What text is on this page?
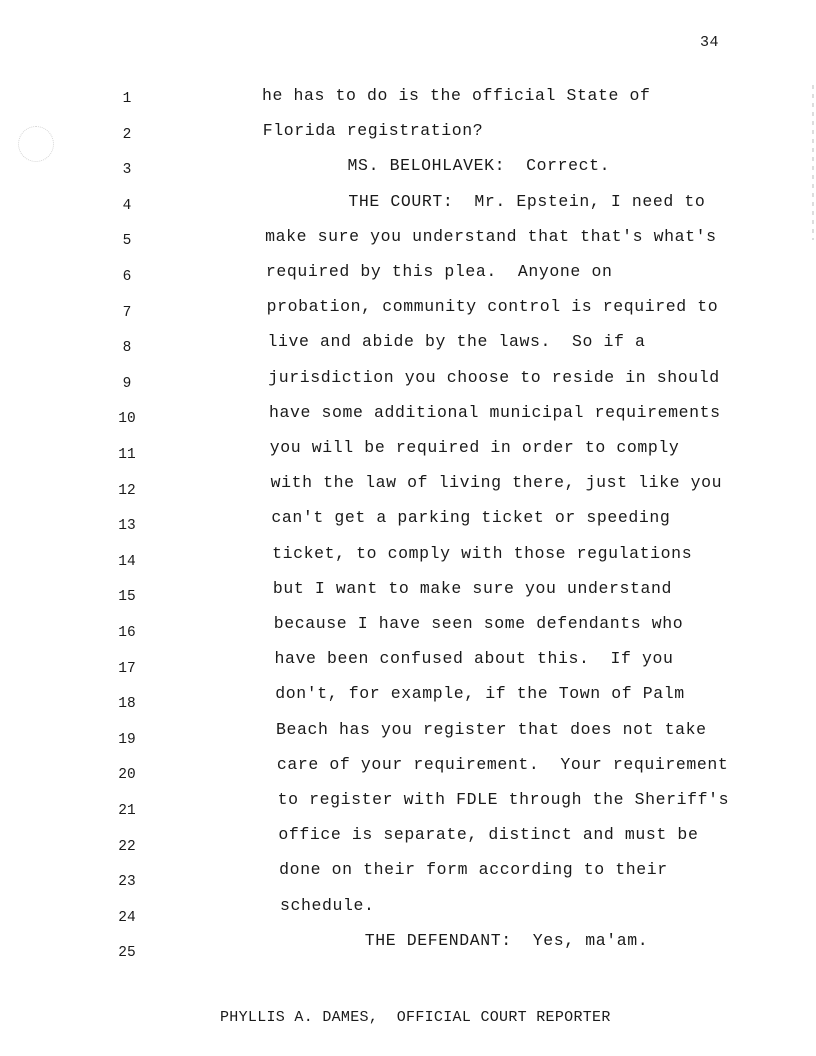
34
1	he has to do is the official State of
2	Florida registration?
3	MS. BELOHLAVEK:  Correct.
4	THE COURT:  Mr. Epstein, I need to
5	make sure you understand that that's what's
6	required by this plea.  Anyone on
7	probation, community control is required to
8	live and abide by the laws.  So if a
9	jurisdiction you choose to reside in should
10	have some additional municipal requirements
11	you will be required in order to comply
12	with the law of living there, just like you
13	can't get a parking ticket or speeding
14	ticket, to comply with those regulations
15	but I want to make sure you understand
16	because I have seen some defendants who
17
have been confused about this.  If you
18
don't, for example, if the Town of Palm
19
Beach has you register that does not take
20
care of your requirement.  Your requirement
21
to register with FDLE through the Sheriff's
22
office is separate, distinct and must be
23
done on their form according to their
24
schedule.
25
THE DEFENDANT:  Yes, ma'am.
PHYLLIS A. DAMES,  OFFICIAL COURT REPORTER
